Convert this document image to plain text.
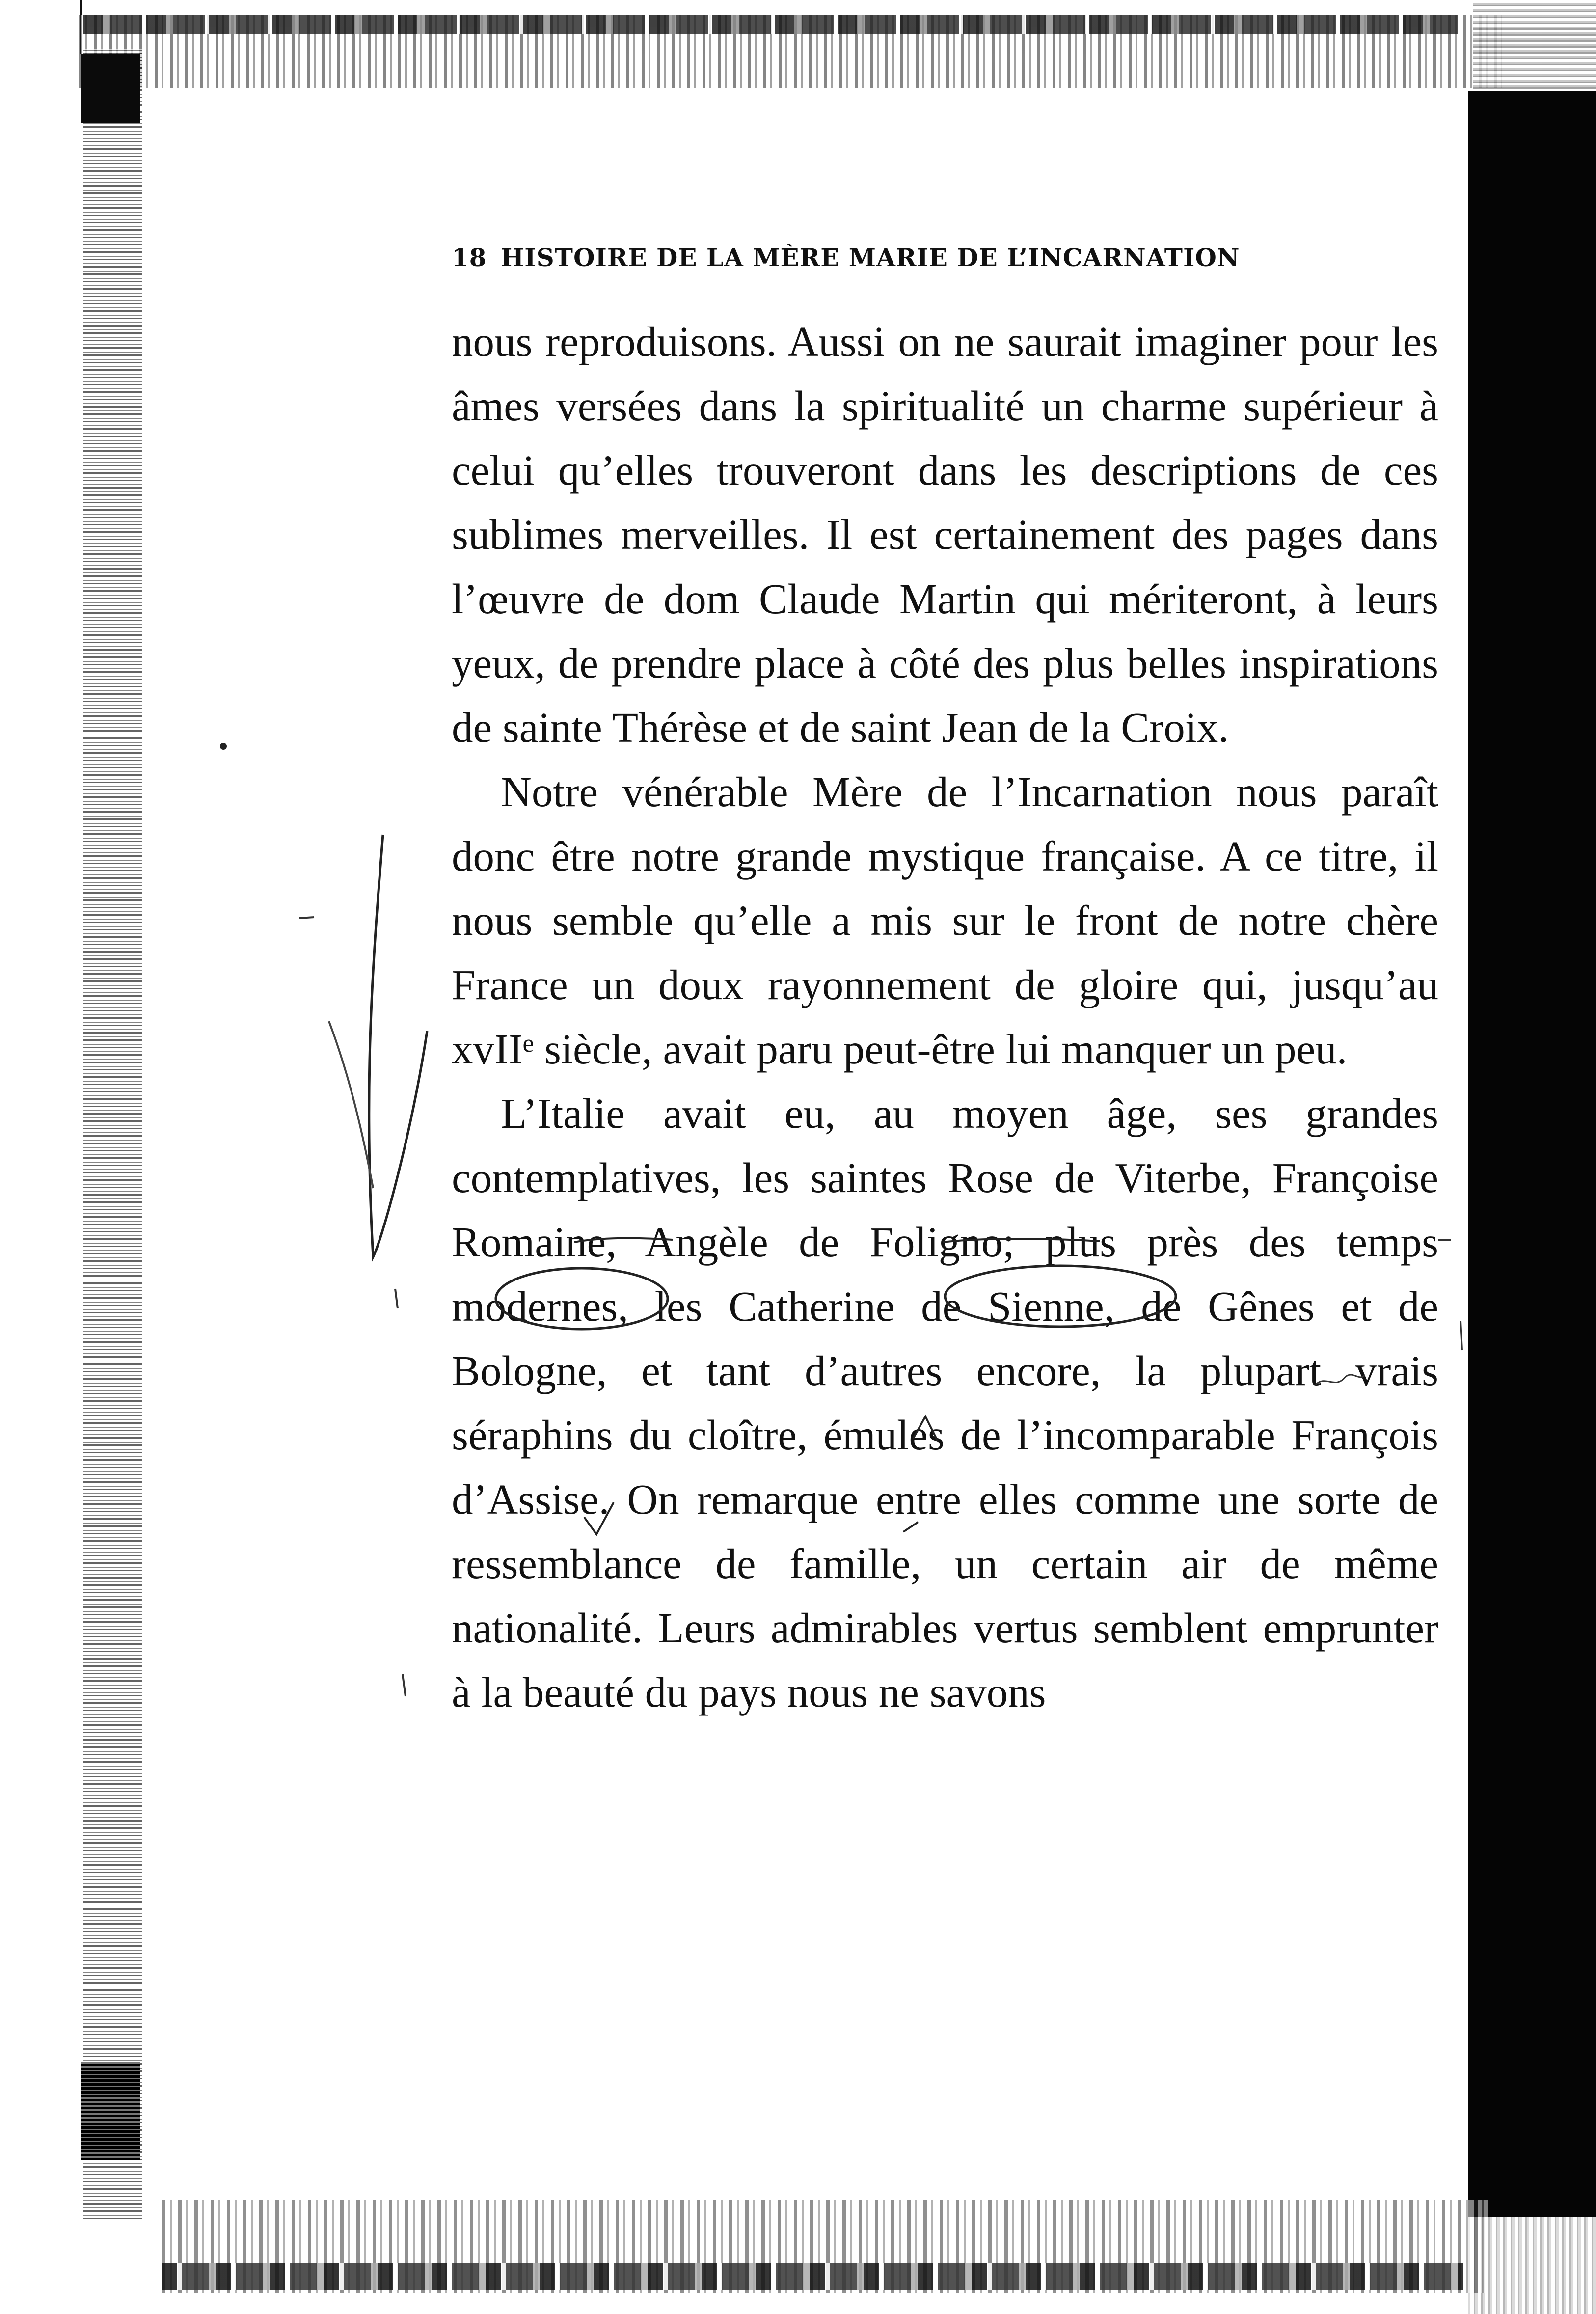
18 HISTOIRE DE LA MÈRE MARIE DE L’INCARNATION

nous reproduisons. Aussi on ne saurait imaginer pour les âmes versées dans la spiritualité un charme supérieur à celui qu’elles trouveront dans les descriptions de ces sublimes merveilles. Il est certainement des pages dans l’œuvre de dom Claude Martin qui mériteront, à leurs yeux, de prendre place à côté des plus belles inspirations de sainte Thérèse et de saint Jean de la Croix.

Notre vénérable Mère de l’Incarnation nous paraît donc être notre grande mystique française. A ce titre, il nous semble qu’elle a mis sur le front de notre chère France un doux rayonnement de gloire qui, jusqu’au xvIIᵉ siècle, avait paru peut-être lui manquer un peu.

L’Italie avait eu, au moyen âge, ses grandes contemplatives, les saintes Rose de Viterbe, Françoise Romaine, Angèle de Foligno; plus près des temps modernes, les Catherine de Sienne, de Gênes et de Bologne, et tant d’autres encore, la plupart vrais séraphins du cloître, émules de l’incomparable François d’Assise. On remarque entre elles comme une sorte de ressemblance de famille, un certain air de même nationalité. Leurs admirables vertus semblent emprunter à la beauté du pays nous ne savons
